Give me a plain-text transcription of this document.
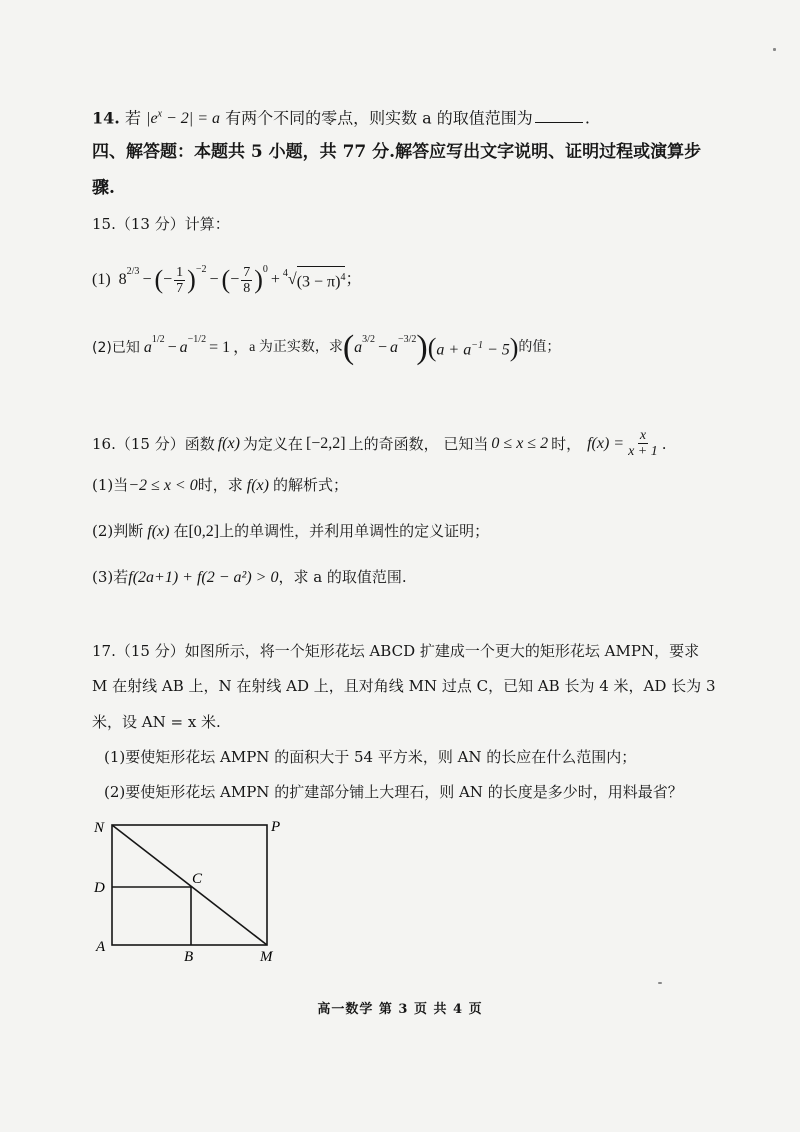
14. 若 $|e^x - 2| = a$ 有两个不同的零点，则实数 a 的取值范围为	.
四、解答题：本题共 5 小题，共 77 分.解答应写出文字说明、证明过程或演算步
骤.
15.（13 分）计算：
(1) $8^{2/3}$ − ( − $\frac{1}{7} )^{-2}$
− ( − $\frac{7}{8} )^0$
+ $^4$ √ $(3 - \pi)^4$ ；
(2)已知 $a^{1/2} - a^{-1/2} = 1$ ， a 为正实数，求 ( $a^{3/2} - a^{-3/2}$ ) ( $a + a^{-1} - 5$ ) 的值；
16.（15 分）函数 f(x) 为定义在 [−2,2] 上的奇函数， 已知当 0 ≤ x ≤ 2 时， $f(x) = \frac{x}{x + 1}$ .
(1)当−2 ≤ x < 0时，求 f(x) 的解析式；
(2)判断 f(x) 在[0,2]上的单调性，并利用单调性的定义证明；
(3)若f(2a+1) + f(2 − a²) > 0，求 a 的取值范围.
17.（15 分）如图所示，将一个矩形花坛 ABCD 扩建成一个更大的矩形花坛 AMPN，要求
M 在射线 AB 上，N 在射线 AD 上，且对角线 MN 过点 C，已知 AB 长为 4 米，AD 长为 3
米，设 AN = x 米.
(1)要使矩形花坛 AMPN 的面积大于 54 平方米，则 AN 的长应在什么范围内；
(2)要使矩形花坛 AMPN 的扩建部分铺上大理石，则 AN 的长度是多少时，用料最省？
N	P
D
C
A
B	M
高一数学 第 3 页 共 4 页
